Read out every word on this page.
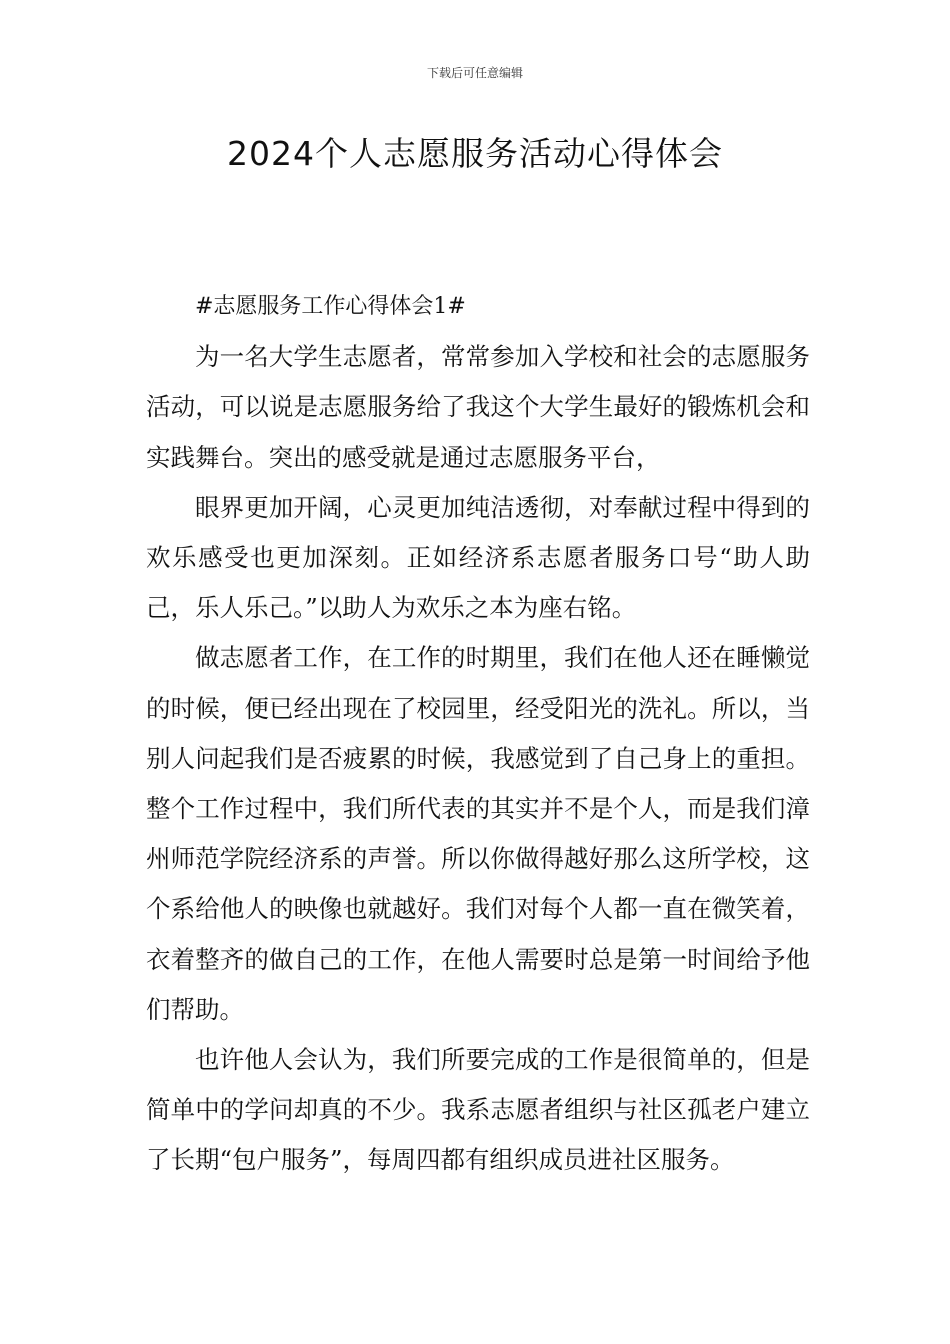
下载后可任意编辑
2024个人志愿服务活动心得体会

#志愿服务工作心得体会1#

为一名大学生志愿者，常常参加入学校和社会的志愿服务活动，可以说是志愿服务给了我这个大学生最好的锻炼机会和实践舞台。突出的感受就是通过志愿服务平台，

眼界更加开阔，心灵更加纯洁透彻，对奉献过程中得到的欢乐感受也更加深刻。正如经济系志愿者服务口号“助人助己，乐人乐己。”以助人为欢乐之本为座右铭。

做志愿者工作，在工作的时期里，我们在他人还在睡懒觉的时候，便已经出现在了校园里，经受阳光的洗礼。所以，当别人问起我们是否疲累的时候，我感觉到了自己身上的重担。整个工作过程中，我们所代表的其实并不是个人，而是我们漳州师范学院经济系的声誉。所以你做得越好那么这所学校，这个系给他人的映像也就越好。我们对每个人都一直在微笑着，衣着整齐的做自己的工作，在他人需要时总是第一时间给予他们帮助。

也许他人会认为，我们所要完成的工作是很简单的，但是简单中的学问却真的不少。我系志愿者组织与社区孤老户建立了长期“包户服务”，每周四都有组织成员进社区服务。
